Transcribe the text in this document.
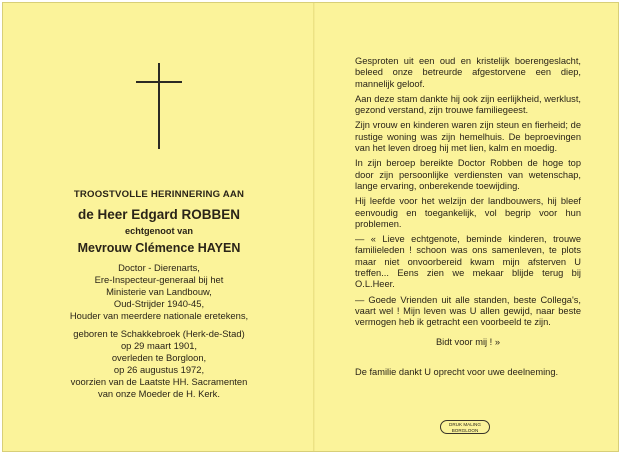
TROOSTVOLLE HERINNERING AAN
de Heer Edgard ROBBEN
echtgenoot van
Mevrouw Clémence HAYEN
Doctor - Dierenarts,
Ere-Inspecteur-generaal bij het
Ministerie van Landbouw,
Oud-Strijder 1940-45,
Houder van meerdere nationale eretekens,
geboren te Schakkebroek (Herk-de-Stad)
op 29 maart 1901,
overleden te Borgloon,
op 26 augustus 1972,
voorzien van de Laatste HH. Sacramenten
van onze Moeder de H. Kerk.
Gesproten uit een oud en kristelijk boerengeslacht, beleed onze betreurde afgestorvene een diep, mannelijk geloof.
Aan deze stam dankte hij ook zijn eerlijkheid, werklust, gezond verstand, zijn trouwe familiegeest.
Zijn vrouw en kinderen waren zijn steun en fierheid; de rustige woning was zijn hemelhuis. De beproevingen van het leven droeg hij met lien, kalm en moedig.
In zijn beroep bereikte Doctor Robben de hoge top door zijn persoonlijke verdiensten van wetenschap, lange ervaring, onberekende toewijding.
Hij leefde voor het welzijn der landbouwers, hij bleef eenvoudig en toegankelijk, vol begrip voor hun problemen.
— « Lieve echtgenote, beminde kinderen, trouwe familieleden ! schoon was ons samenleven, te plots maar niet onvoorbereid kwam mijn afsterven U treffen... Eens zien we mekaar blijde terug bij O.L.Heer.
— Goede Vrienden uit alle standen, beste Collega's, vaart wel ! Mijn leven was U allen gewijd, naar beste vermogen heb ik getracht een voorbeeld te zijn.
Bidt voor mij ! »
De familie dankt U oprecht voor uwe deelneming.
DRUK MALING
BORGLOON
